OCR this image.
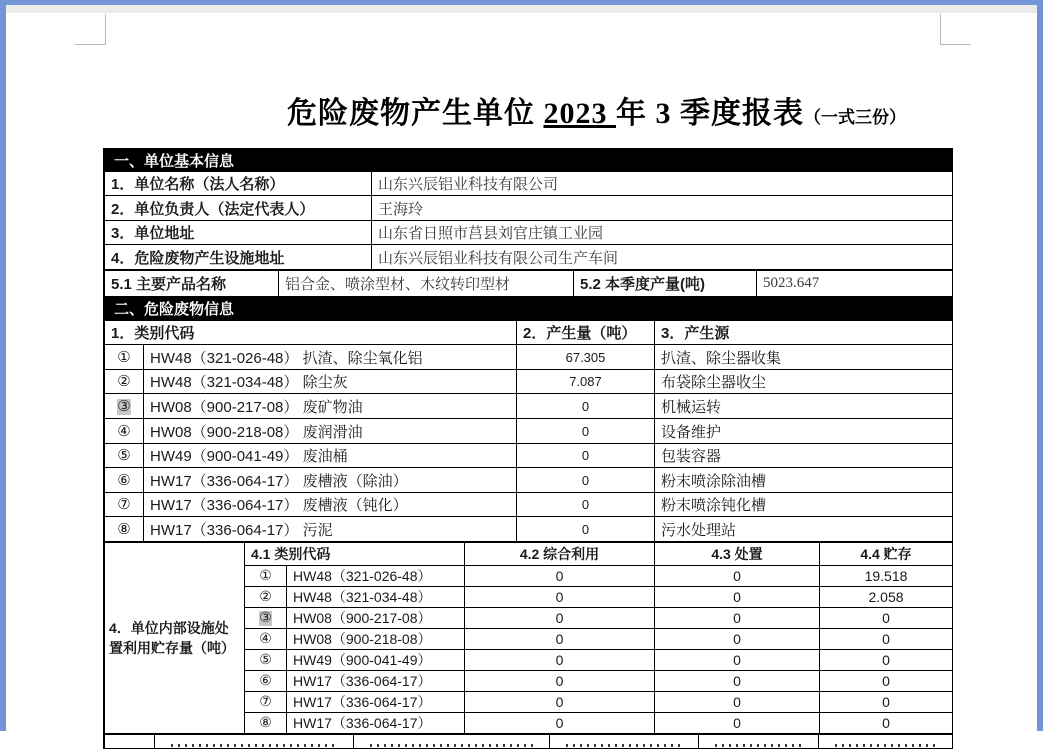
危险废物产生单位 2023 年 3 季度报表（一式三份）
一、单位基本信息	
1．单位名称（法人名称）	山东兴辰铝业科技有限公司
2．单位负责人（法定代表人）	王海玲
3．单位地址	山东省日照市莒县刘官庄镇工业园
4．危险废物产生设施地址	山东兴辰铝业科技有限公司生产车间
5.1 主要产品名称	铝合金、喷涂型材、木纹转印型材	5.2 本季度产量(吨)	5023.647
二、危险废物信息
1．类别代码		2．产生量（吨）	3．产生源
①	HW48（321-026-48） 扒渣、除尘氧化铝	67.305	扒渣、除尘器收集
②	HW48（321-034-48） 除尘灰	7.087	布袋除尘器收尘
③	HW08（900-217-08） 废矿物油	0	机械运转
④	HW08（900-218-08） 废润滑油	0	设备维护
⑤	HW49（900-041-49） 废油桶	0	包装容器
⑥	HW17（336-064-17） 废槽液（除油）	0	粉末喷涂除油槽
⑦	HW17（336-064-17） 废槽液（钝化）	0	粉末喷涂钝化槽
⑧	HW17（336-064-17） 污泥	0	污水处理站
4．单位内部设施处置利用贮存量（吨）	4.1 类别代码		4.2 综合利用	4.3 处置	4.4 贮存
	①	HW48（321-026-48）	0	0	19.518
	②	HW48（321-034-48）	0	0	2.058
	③	HW08（900-217-08）	0	0	0
	④	HW08（900-218-08）	0	0	0
	⑤	HW49（900-041-49）	0	0	0
	⑥	HW17（336-064-17）	0	0	0
	⑦	HW17（336-064-17）	0	0	0
	⑧	HW17（336-064-17）	0	0	0
